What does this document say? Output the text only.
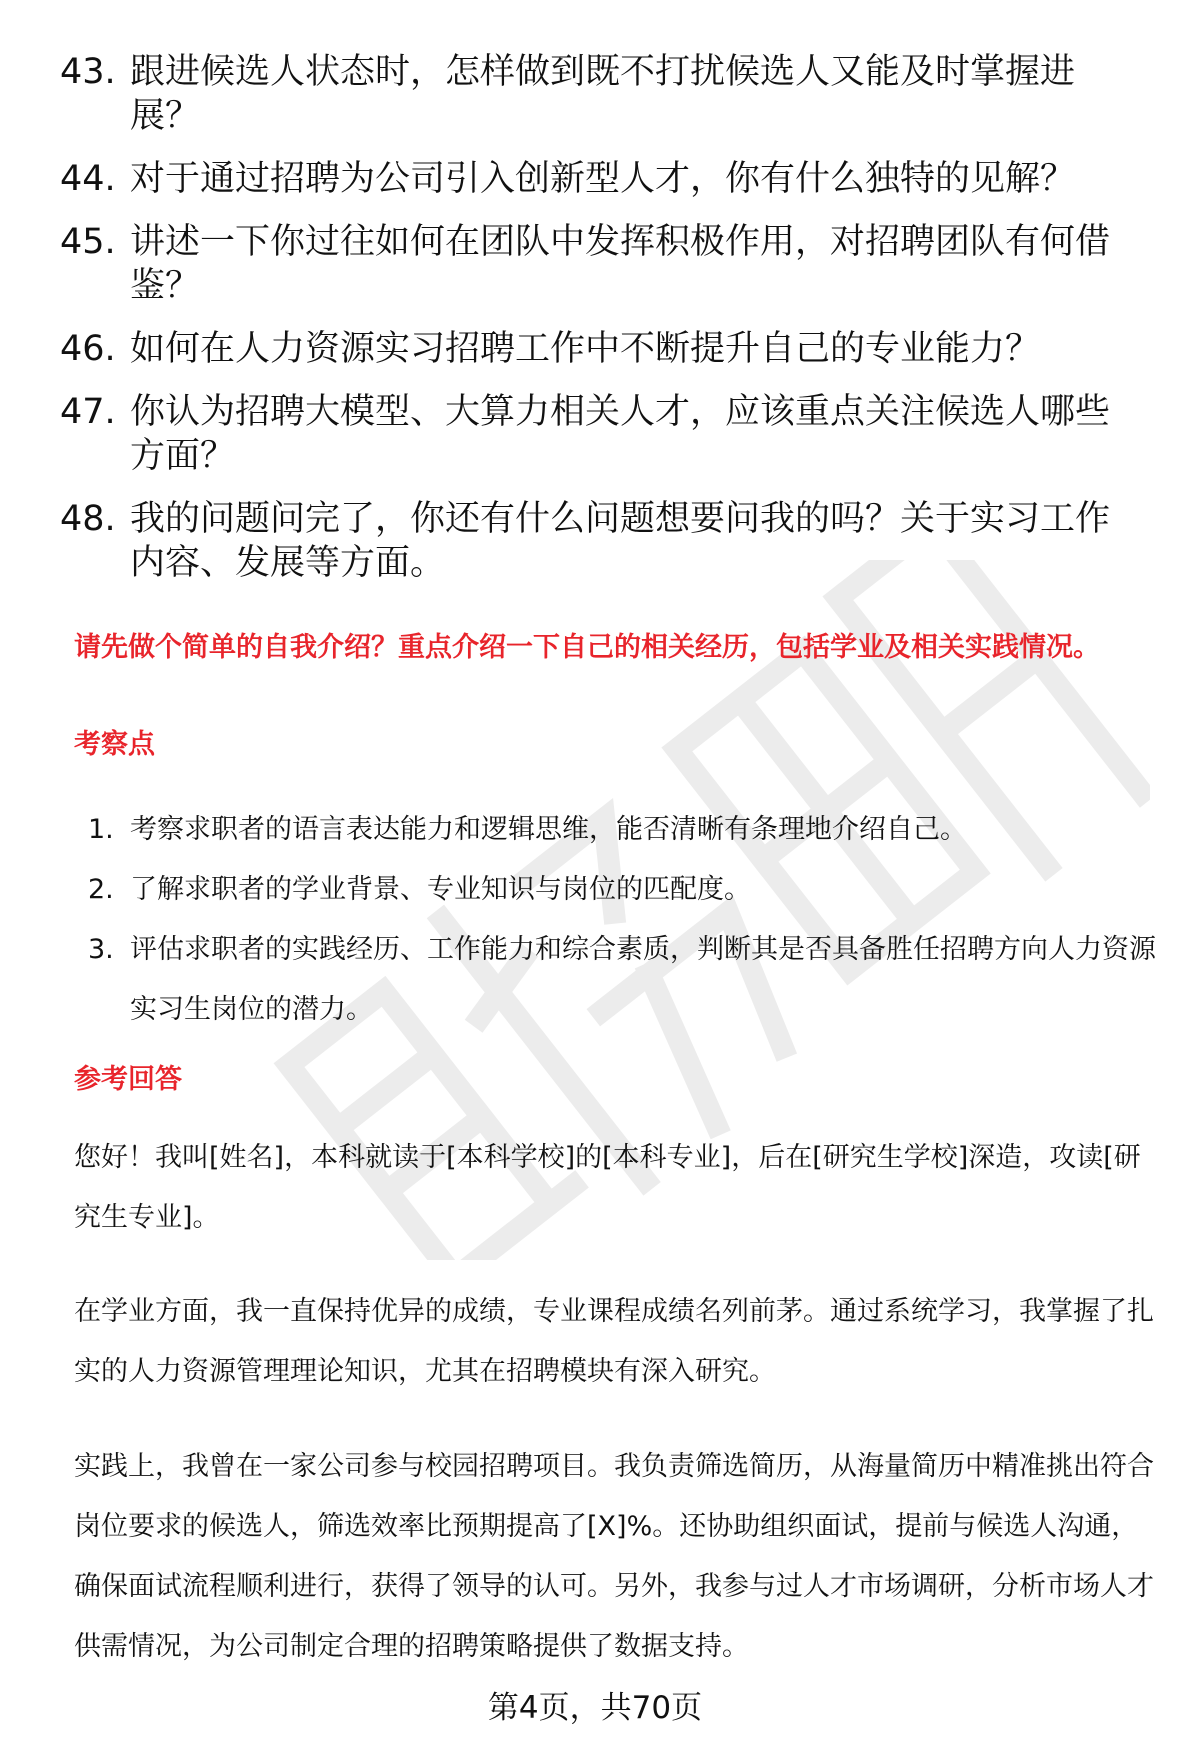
43. 跟进候选人状态时，怎样做到既不打扰候选人又能及时掌握进展？
44. 对于通过招聘为公司引入创新型人才，你有什么独特的见解？
45. 讲述一下你过往如何在团队中发挥积极作用，对招聘团队有何借鉴？
46. 如何在人力资源实习招聘工作中不断提升自己的专业能力？
47. 你认为招聘大模型、大算力相关人才，应该重点关注候选人哪些方面？
48. 我的问题问完了，你还有什么问题想要问我的吗？关于实习工作内容、发展等方面。
请先做个简单的自我介绍？重点介绍一下自己的相关经历，包括学业及相关实践情况。
考察点
1. 考察求职者的语言表达能力和逻辑思维，能否清晰有条理地介绍自己。
2. 了解求职者的学业背景、专业知识与岗位的匹配度。
3. 评估求职者的实践经历、工作能力和综合素质，判断其是否具备胜任招聘方向人力资源实习生岗位的潜力。
参考回答
您好！我叫[姓名]，本科就读于[本科学校]的[本科专业]，后在[研究生学校]深造，攻读[研究生专业]。
在学业方面，我一直保持优异的成绩，专业课程成绩名列前茅。通过系统学习，我掌握了扎实的人力资源管理理论知识，尤其在招聘模块有深入研究。
实践上，我曾在一家公司参与校园招聘项目。我负责筛选简历，从海量简历中精准挑出符合岗位要求的候选人，筛选效率比预期提高了[X]%。还协助组织面试，提前与候选人沟通，确保面试流程顺利进行，获得了领导的认可。另外，我参与过人才市场调研，分析市场人才供需情况，为公司制定合理的招聘策略提供了数据支持。
第4页，共70页
